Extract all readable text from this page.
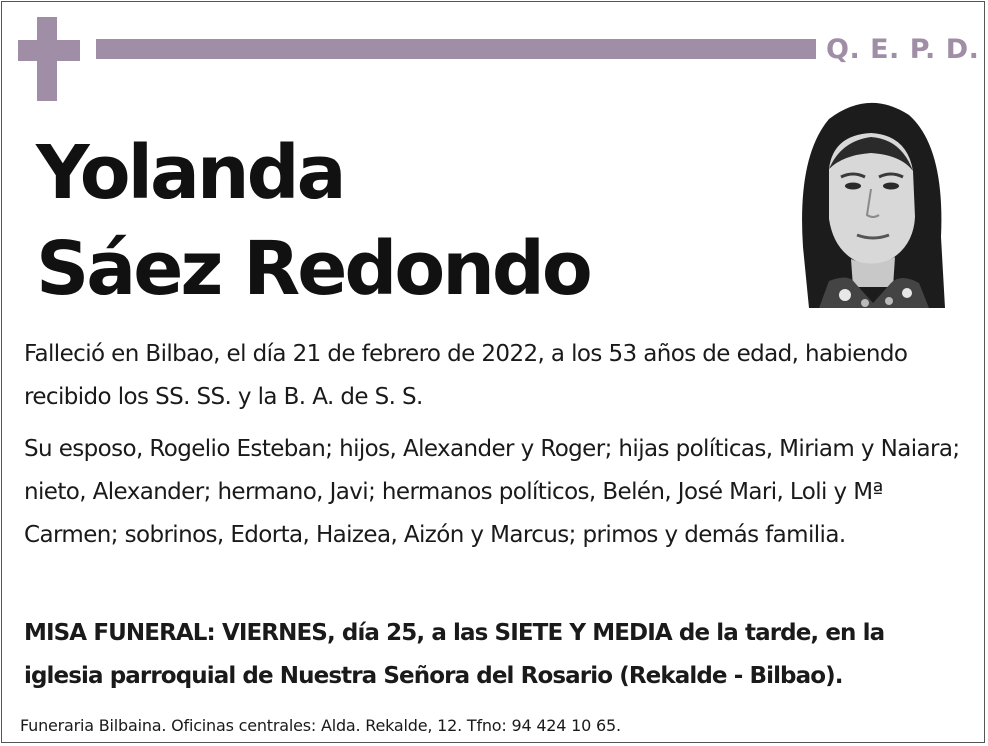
Q. E. P. D.
Yolanda
Sáez Redondo
Falleció en Bilbao, el día 21 de febrero de 2022, a los 53 años de edad, habiendo recibido los SS. SS. y la B. A. de S. S.
Su esposo, Rogelio Esteban; hijos, Alexander y Roger; hijas políticas, Miriam y Naiara; nieto, Alexander; hermano, Javi; hermanos políticos, Belén, José Mari, Loli y Mª Carmen; sobrinos, Edorta, Haizea, Aizón y Marcus; primos y demás familia.
MISA FUNERAL: VIERNES, día 25, a las SIETE Y MEDIA de la tarde, en la iglesia parroquial de Nuestra Señora del Rosario (Rekalde - Bilbao).
Funeraria Bilbaina. Oficinas centrales: Alda. Rekalde, 12. Tfno: 94 424 10 65.
